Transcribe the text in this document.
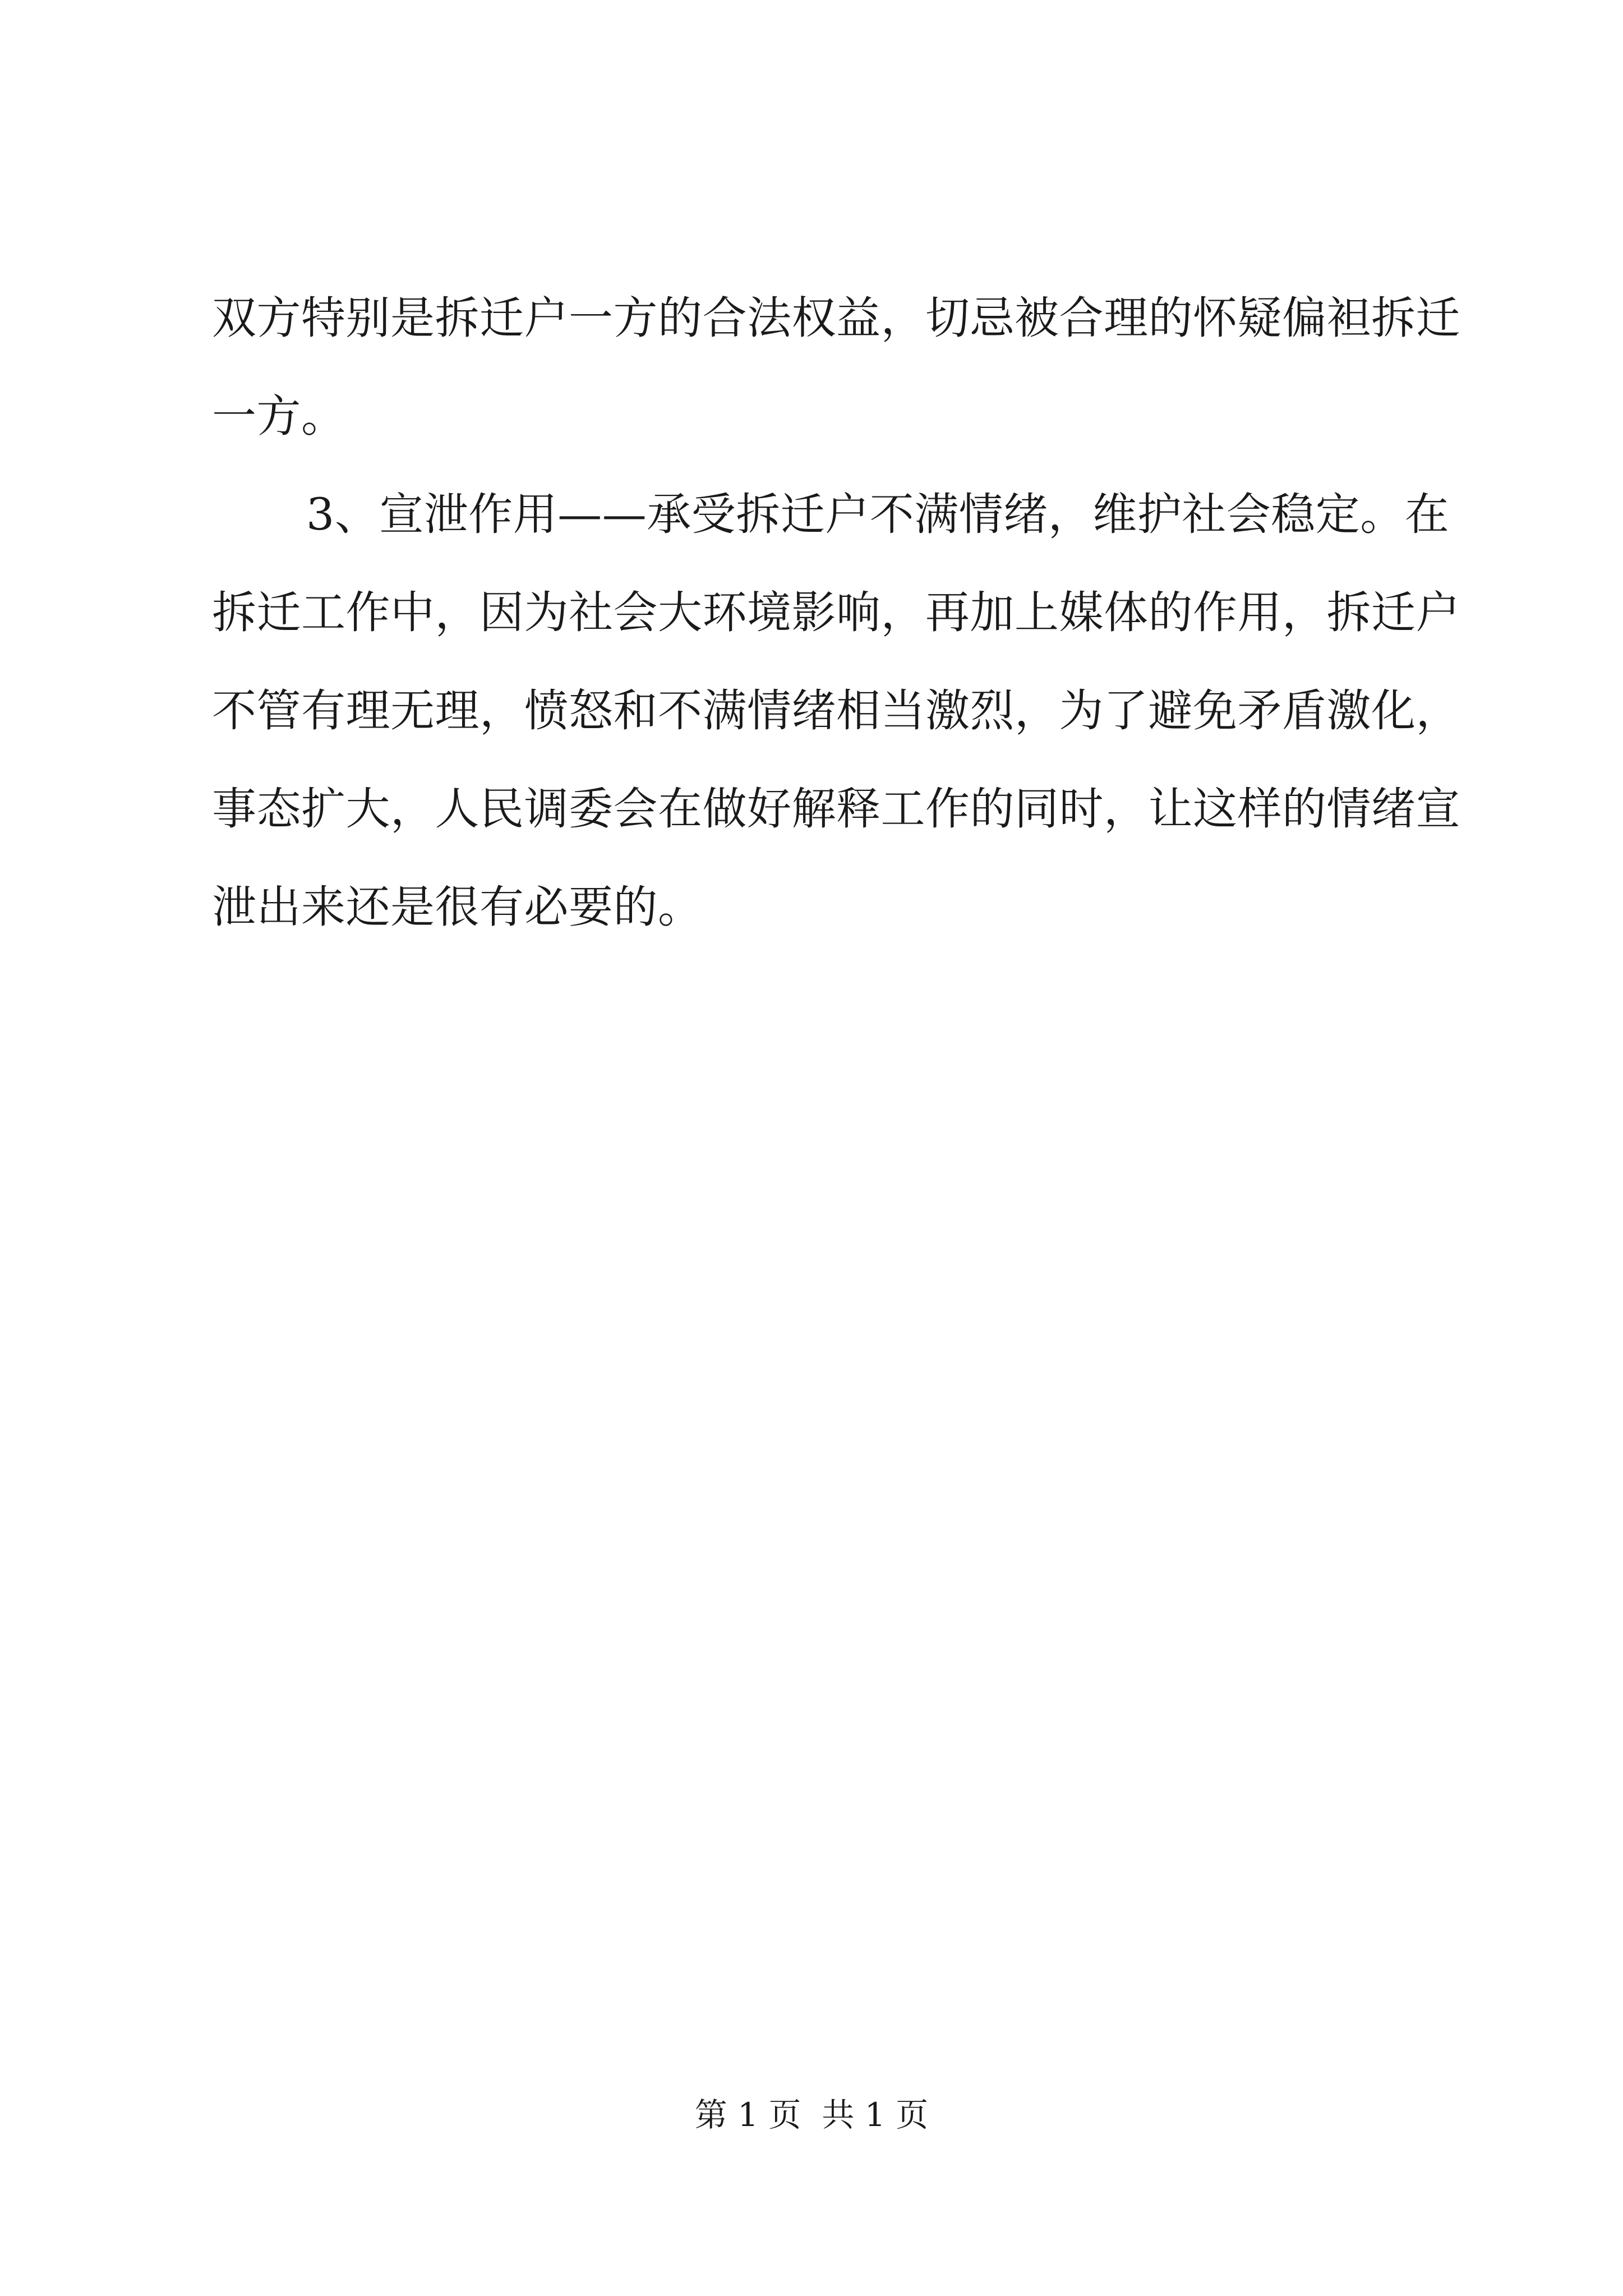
双方特别是拆迁户一方的合法权益，切忌被合理的怀疑偏袒拆迁
一方。
3、宣泄作用——承受拆迁户不满情绪，维护社会稳定。在
拆迁工作中，因为社会大环境影响，再加上媒体的作用，拆迁户
不管有理无理，愤怒和不满情绪相当激烈，为了避免矛盾激化，
事态扩大，人民调委会在做好解释工作的同时，让这样的情绪宣
泄出来还是很有必要的。
第 1 页  共 1 页
